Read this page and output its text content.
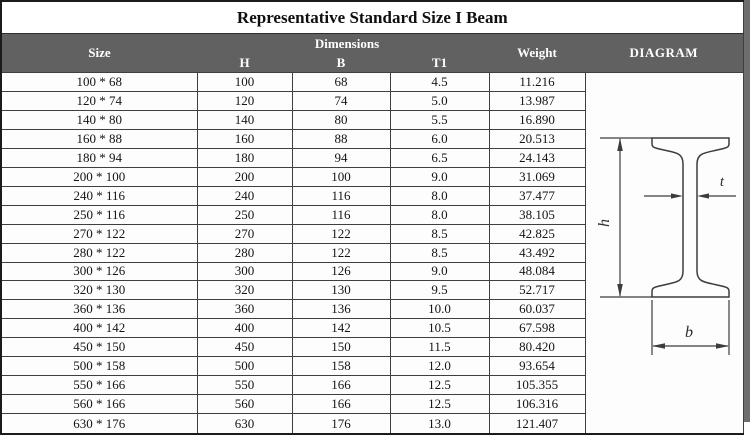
Representative Standard Size I Beam					
Size	Dimensions			Weight	DIAGRAM
	H	B	T1		
100 * 68	100	68	4.5	11.216	h
t
b

120 * 74	120	74	5.0	13.987	
140 * 80	140	80	5.5	16.890	
160 * 88	160	88	6.0	20.513	
180 * 94	180	94	6.5	24.143	
200 * 100	200	100	9.0	31.069	
240 * 116	240	116	8.0	37.477	
250 * 116	250	116	8.0	38.105	
270 * 122	270	122	8.5	42.825	
280 * 122	280	122	8.5	43.492	
300 * 126	300	126	9.0	48.084	
320 * 130	320	130	9.5	52.717	
360 * 136	360	136	10.0	60.037	
400 * 142	400	142	10.5	67.598	
450 * 150	450	150	11.5	80.420	
500 * 158	500	158	12.0	93.654	
550 * 166	550	166	12.5	105.355	
560 * 166	560	166	12.5	106.316	
630 * 176	630	176	13.0	121.407	
